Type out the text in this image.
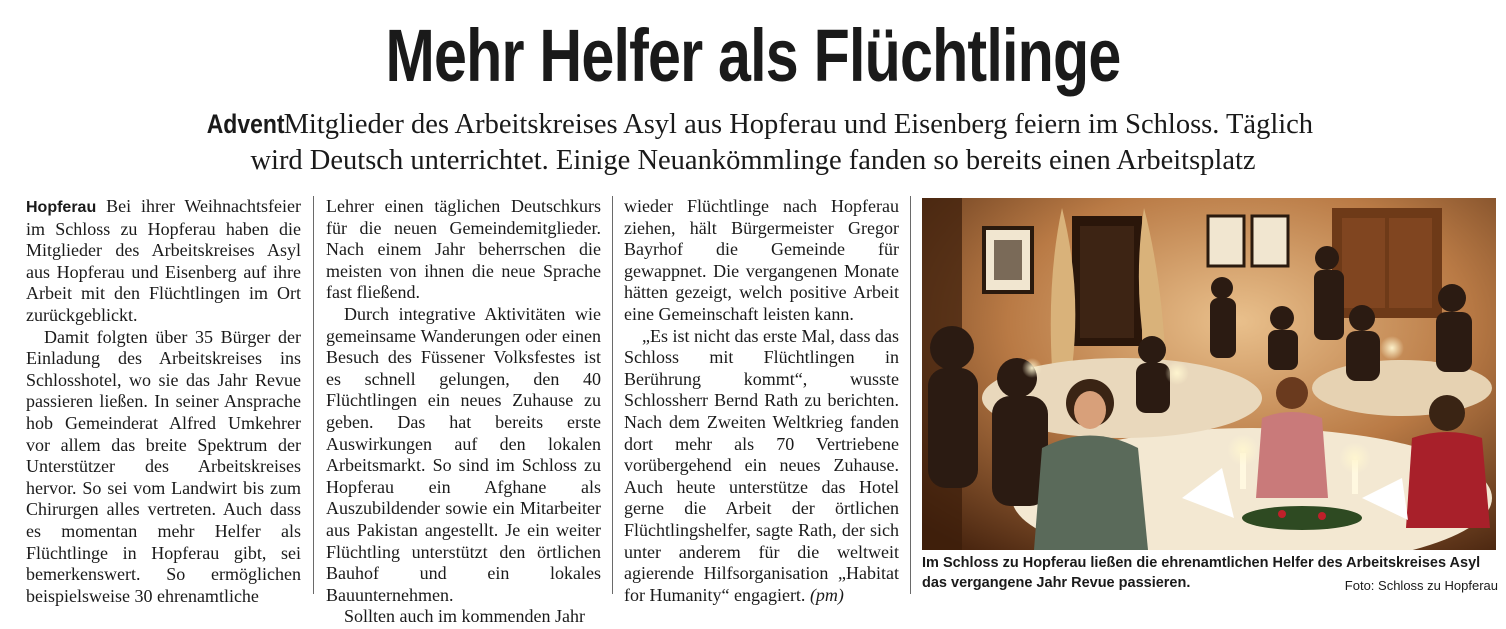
Mehr Helfer als Flüchtlinge
Advent Mitglieder des Arbeitskreises Asyl aus Hopferau und Eisenberg feiern im Schloss. Täglich
wird Deutsch unterrichtet. Einige Neuankömmlinge fanden so bereits einen Arbeitsplatz

Hopferau Bei ihrer Weihnachtsfeier im Schloss zu Hopferau haben die Mitglieder des Arbeitskreises Asyl aus Hopferau und Eisenberg auf ihre Arbeit mit den Flüchtlingen im Ort zurückgeblickt.

Damit folgten über 35 Bürger der Einladung des Arbeitskreises ins Schlosshotel, wo sie das Jahr Revue passieren ließen. In seiner Ansprache hob Gemeinderat Alfred Umkehrer vor allem das breite Spektrum der Unterstützer des Arbeitskreises hervor. So sei vom Landwirt bis zum Chirurgen alles vertreten. Auch dass es momentan mehr Helfer als Flüchtlinge in Hopferau gibt, sei bemerkenswert. So ermöglichen beispielsweise 30 ehrenamtliche

Lehrer einen täglichen Deutschkurs für die neuen Gemeindemitglieder. Nach einem Jahr beherrschen die meisten von ihnen die neue Sprache fast fließend.

Durch integrative Aktivitäten wie gemeinsame Wanderungen oder einen Besuch des Füssener Volksfestes ist es schnell gelungen, den 40 Flüchtlingen ein neues Zuhause zu geben. Das hat bereits erste Auswirkungen auf den lokalen Arbeitsmarkt. So sind im Schloss zu Hopferau ein Afghane als Auszubildender sowie ein Mitarbeiter aus Pakistan angestellt. Je ein weiter Flüchtling unterstützt den örtlichen Bauhof und ein lokales Bauunternehmen.

Sollten auch im kommenden Jahr

wieder Flüchtlinge nach Hopferau ziehen, hält Bürgermeister Gregor Bayrhof die Gemeinde für gewappnet. Die vergangenen Monate hätten gezeigt, welch positive Arbeit eine Gemeinschaft leisten kann.

„Es ist nicht das erste Mal, dass das Schloss mit Flüchtlingen in Berührung kommt“, wusste Schlossherr Bernd Rath zu berichten. Nach dem Zweiten Weltkrieg fanden dort mehr als 70 Vertriebene vorübergehend ein neues Zuhause. Auch heute unterstütze das Hotel gerne die Arbeit der örtlichen Flüchtlingshelfer, sagte Rath, der sich unter anderem für die weltweit agierende Hilfsorganisation „Habitat for Humanity“ engagiert. (pm)

Im Schloss zu Hopferau ließen die ehrenamtlichen Helfer des Arbeitskreises Asyl das vergangene Jahr Revue passieren.	Foto: Schloss zu Hopferau
